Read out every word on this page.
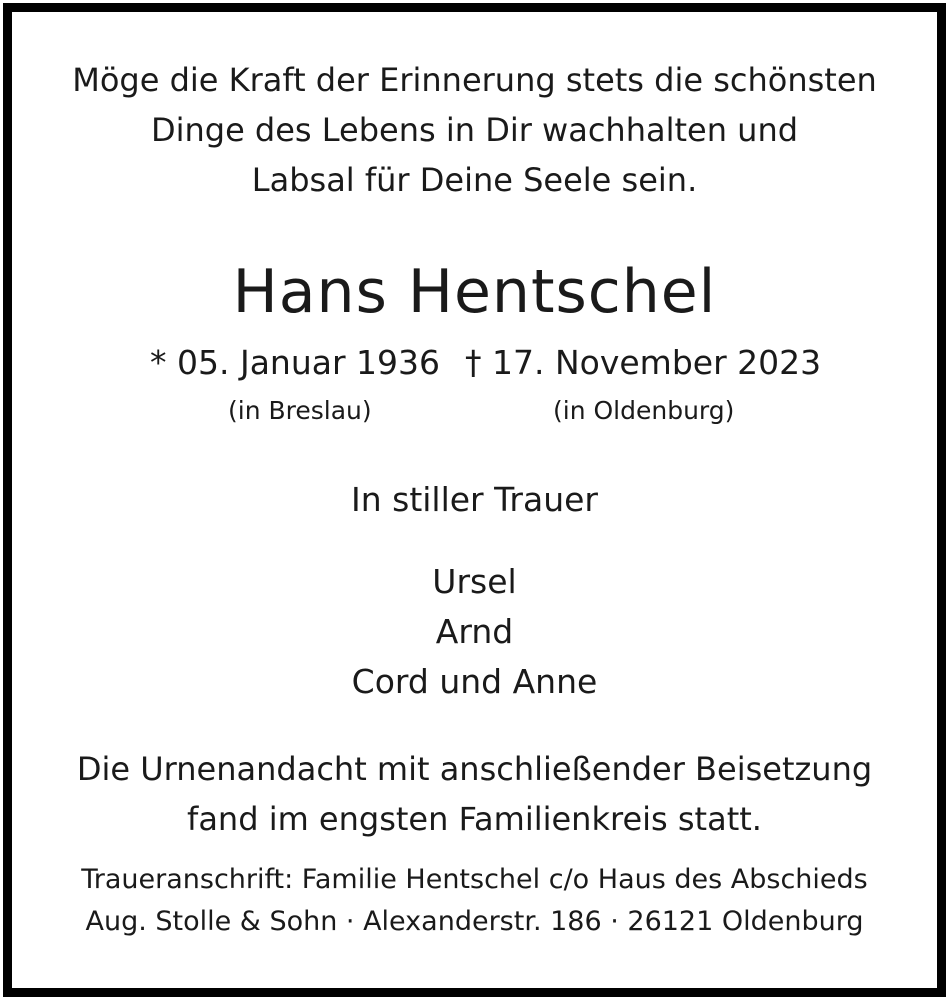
Möge die Kraft der Erinnerung stets die schönsten
Dinge des Lebens in Dir wachhalten und
Labsal für Deine Seele sein.
Hans Hentschel
* 05. Januar 1936
(in Breslau)
† 17. November 2023
(in Oldenburg)
In stiller Trauer
Ursel
Arnd
Cord und Anne
Die Urnenandacht mit anschließender Beisetzung
fand im engsten Familienkreis statt.
Traueranschrift: Familie Hentschel c/o Haus des Abschieds
Aug. Stolle & Sohn · Alexanderstr. 186 · 26121 Oldenburg
